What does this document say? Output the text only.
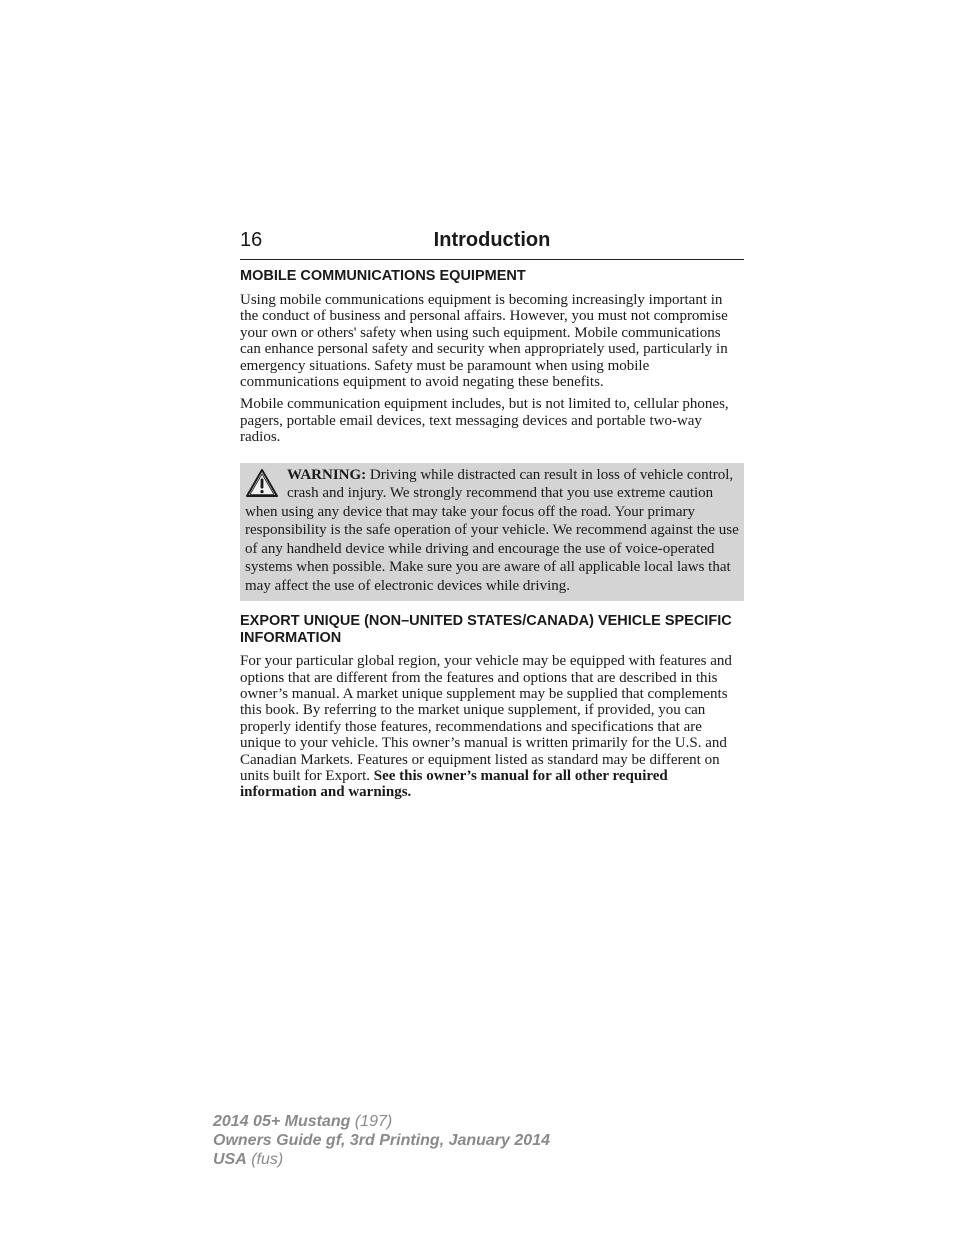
16	Introduction
MOBILE COMMUNICATIONS EQUIPMENT

Using mobile communications equipment is becoming increasingly important in the conduct of business and personal affairs. However, you must not compromise your own or others' safety when using such equipment. Mobile communications can enhance personal safety and security when appropriately used, particularly in emergency situations. Safety must be paramount when using mobile communications equipment to avoid negating these benefits.

Mobile communication equipment includes, but is not limited to, cellular phones, pagers, portable email devices, text messaging devices and portable two-way radios.

WARNING: Driving while distracted can result in loss of vehicle control, crash and injury. We strongly recommend that you use extreme caution when using any device that may take your focus off the road. Your primary responsibility is the safe operation of your vehicle. We recommend against the use of any handheld device while driving and encourage the use of voice-operated systems when possible. Make sure you are aware of all applicable local laws that may affect the use of electronic devices while driving.
EXPORT UNIQUE (NON–UNITED STATES/CANADA) VEHICLE SPECIFIC INFORMATION

For your particular global region, your vehicle may be equipped with features and options that are different from the features and options that are described in this owner’s manual. A market unique supplement may be supplied that complements this book. By referring to the market unique supplement, if provided, you can properly identify those features, recommendations and specifications that are unique to your vehicle. This owner’s manual is written primarily for the U.S. and Canadian Markets. Features or equipment listed as standard may be different on units built for Export. See this owner’s manual for all other required information and warnings.

2014 05+ Mustang (197)
Owners Guide gf, 3rd Printing, January 2014
USA (fus)
